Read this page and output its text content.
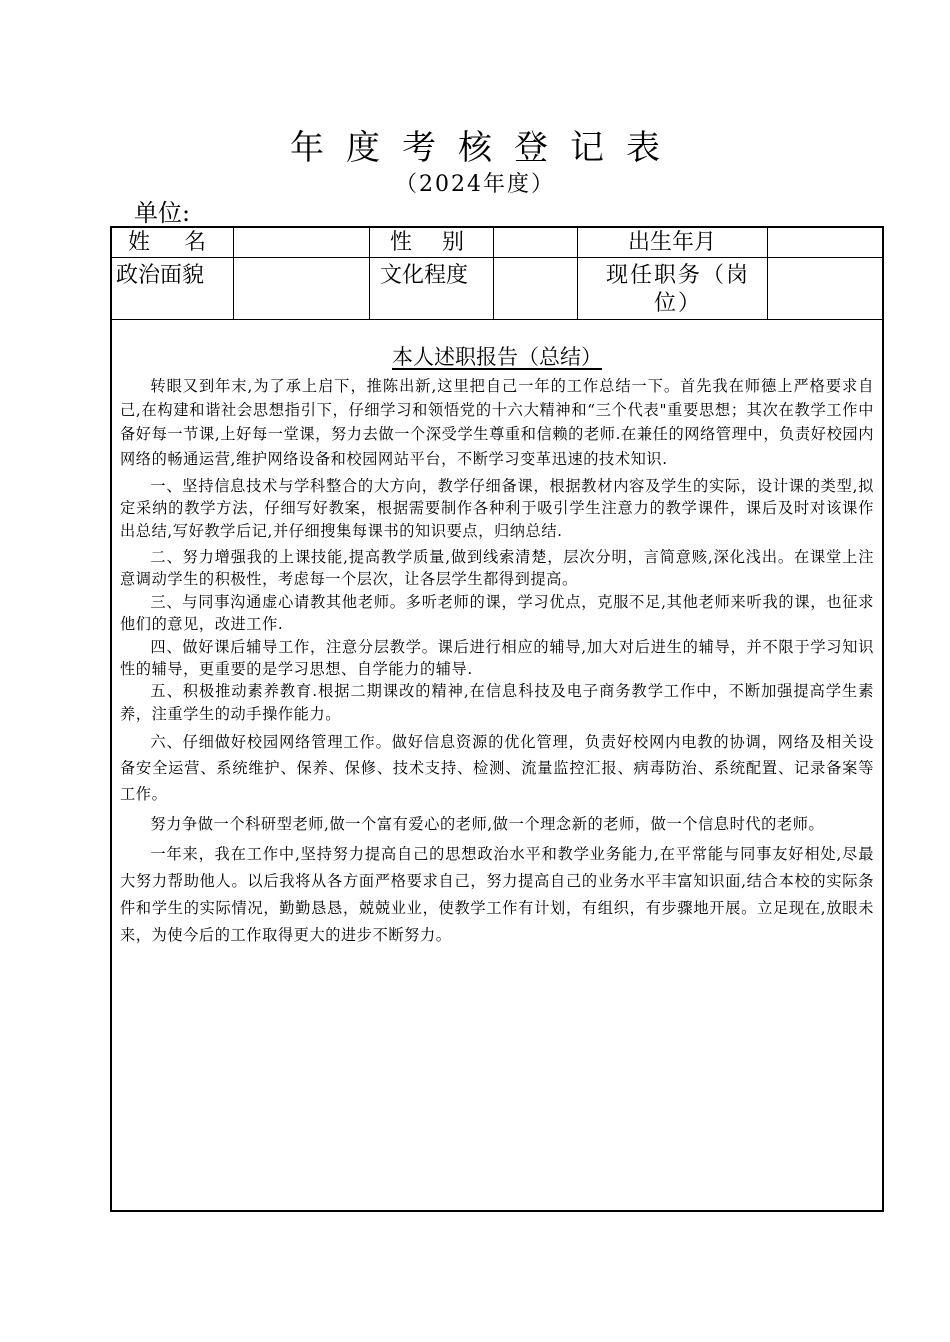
年度考核登记表
（2024年度）
单位:
姓　名	性　别	出生年月
政治面貌	文化程度	现任职务（岗位）
本人述职报告（总结）

转眼又到年末,为了承上启下，推陈出新,这里把自己一年的工作总结一下。首先我在师德上严格要求自己,在构建和谐社会思想指引下，仔细学习和领悟党的十六大精神和“三个代表"重要思想；其次在教学工作中备好每一节课,上好每一堂课，努力去做一个深受学生尊重和信赖的老师.在兼任的网络管理中，负责好校园内网络的畅通运营,维护网络设备和校园网站平台，不断学习变革迅速的技术知识.

一、坚持信息技术与学科整合的大方向，教学仔细备课，根据教材内容及学生的实际，设计课的类型,拟定采纳的教学方法，仔细写好教案，根据需要制作各种利于吸引学生注意力的教学课件，课后及时对该课作出总结,写好教学后记,并仔细搜集每课书的知识要点，归纳总结.

二、努力增强我的上课技能,提高教学质量,做到线索清楚，层次分明，言简意赅,深化浅出。在课堂上注意调动学生的积极性，考虑每一个层次，让各层学生都得到提高。

三、与同事沟通虚心请教其他老师。多听老师的课，学习优点，克服不足,其他老师来听我的课，也征求他们的意见，改进工作.

四、做好课后辅导工作，注意分层教学。课后进行相应的辅导,加大对后进生的辅导，并不限于学习知识性的辅导，更重要的是学习思想、自学能力的辅导.

五、积极推动素养教育.根据二期课改的精神,在信息科技及电子商务教学工作中，不断加强提高学生素养，注重学生的动手操作能力。

六、仔细做好校园网络管理工作。做好信息资源的优化管理，负责好校网内电教的协调，网络及相关设备安全运营、系统维护、保养、保修、技术支持、检测、流量监控汇报、病毒防治、系统配置、记录备案等工作。

努力争做一个科研型老师,做一个富有爱心的老师,做一个理念新的老师，做一个信息时代的老师。

一年来，我在工作中,坚持努力提高自己的思想政治水平和教学业务能力,在平常能与同事友好相处,尽最大努力帮助他人。以后我将从各方面严格要求自己，努力提高自己的业务水平丰富知识面,结合本校的实际条件和学生的实际情况，勤勤恳恳，兢兢业业，使教学工作有计划，有组织，有步骤地开展。立足现在,放眼未来，为使今后的工作取得更大的进步不断努力。
